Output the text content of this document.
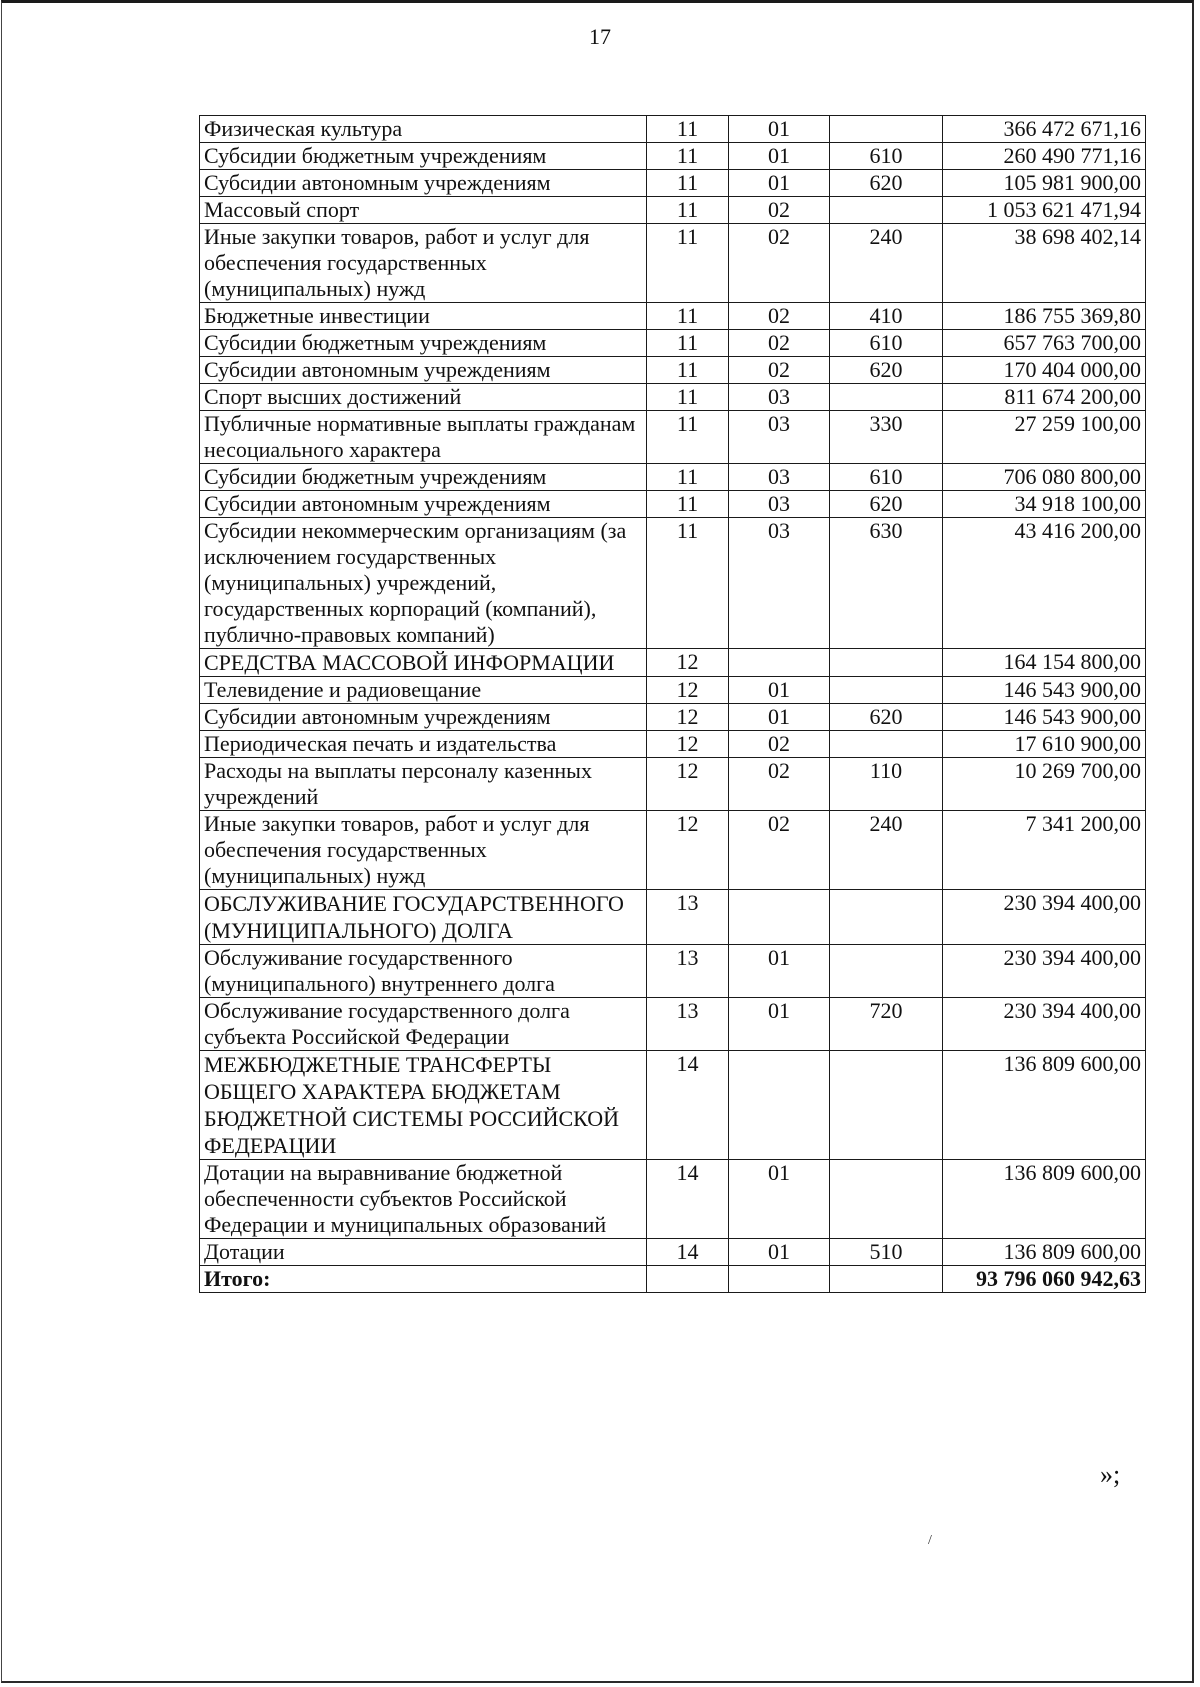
17
Физическая культура	11	01		366 472 671,16
Субсидии бюджетным учреждениям	11	01	610	260 490 771,16
Субсидии автономным учреждениям	11	01	620	105 981 900,00
Массовый спорт	11	02		1 053 621 471,94
Иные закупки товаров, работ и услуг для обеспечения государственных (муниципальных) нужд	11	02	240	38 698 402,14
Бюджетные инвестиции	11	02	410	186 755 369,80
Субсидии бюджетным учреждениям	11	02	610	657 763 700,00
Субсидии автономным учреждениям	11	02	620	170 404 000,00
Спорт высших достижений	11	03		811 674 200,00
Публичные нормативные выплаты гражданам несоциального характера	11	03	330	27 259 100,00
Субсидии бюджетным учреждениям	11	03	610	706 080 800,00
Субсидии автономным учреждениям	11	03	620	34 918 100,00
Субсидии некоммерческим организациям (за исключением государственных (муниципальных) учреждений, государственных корпораций (компаний), публично-правовых компаний)	11	03	630	43 416 200,00
СРЕДСТВА МАССОВОЙ ИНФОРМАЦИИ	12			164 154 800,00
Телевидение и радиовещание	12	01		146 543 900,00
Субсидии автономным учреждениям	12	01	620	146 543 900,00
Периодическая печать и издательства	12	02		17 610 900,00
Расходы на выплаты персоналу казенных учреждений	12	02	110	10 269 700,00
Иные закупки товаров, работ и услуг для обеспечения государственных (муниципальных) нужд	12	02	240	7 341 200,00
ОБСЛУЖИВАНИЕ ГОСУДАРСТВЕННОГО (МУНИЦИПАЛЬНОГО) ДОЛГА	13			230 394 400,00
Обслуживание государственного (муниципального) внутреннего долга	13	01		230 394 400,00
Обслуживание государственного долга субъекта Российской Федерации	13	01	720	230 394 400,00
МЕЖБЮДЖЕТНЫЕ ТРАНСФЕРТЫ ОБЩЕГО ХАРАКТЕРА БЮДЖЕТАМ БЮДЖЕТНОЙ СИСТЕМЫ РОССИЙСКОЙ ФЕДЕРАЦИИ	14			136 809 600,00
Дотации на выравнивание бюджетной обеспеченности субъектов Российской Федерации и муниципальных образований	14	01		136 809 600,00
Дотации	14	01	510	136 809 600,00
Итого:				93 796 060 942,63
»;
/
